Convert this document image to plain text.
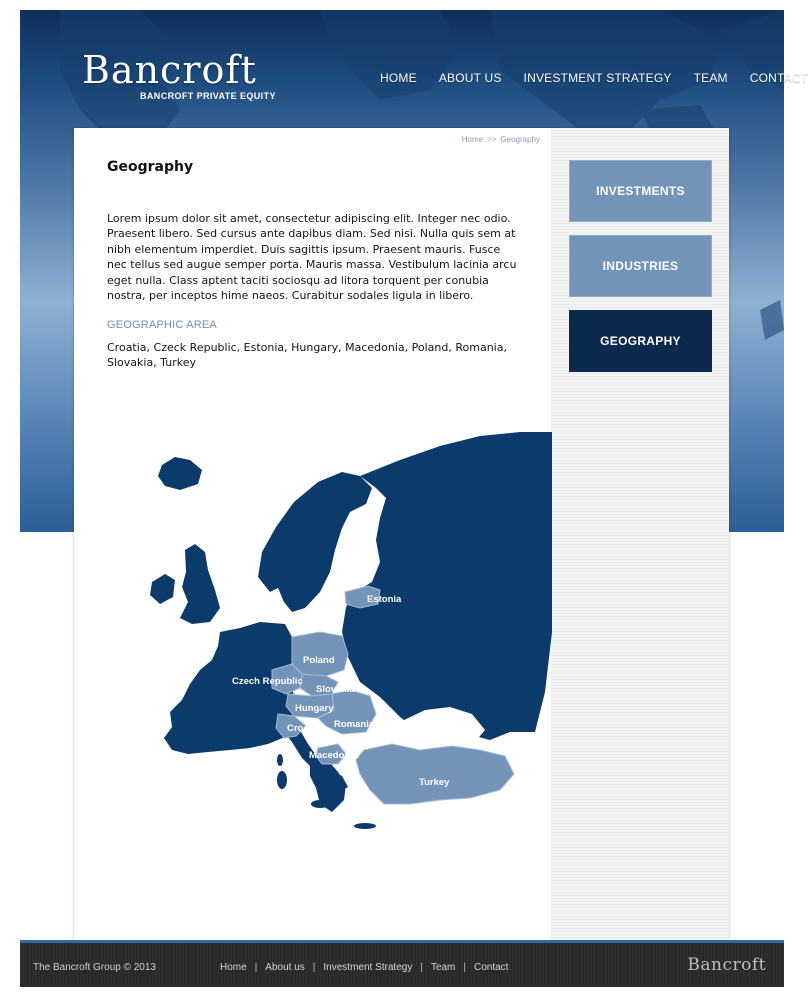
Bancroft
BANCROFT PRIVATE EQUITY
HOME ABOUT US INVESTMENT STRATEGY TEAM CONTACT
Home >> Geography
Geography
Lorem ipsum dolor sit amet, consectetur adipiscing elit. Integer nec odio. Praesent libero. Sed cursus ante dapibus diam. Sed nisi. Nulla quis sem at nibh elementum imperdiet. Duis sagittis ipsum. Praesent mauris. Fusce nec tellus sed augue semper porta. Mauris massa. Vestibulum lacinia arcu eget nulla. Class aptent taciti sociosqu ad litora torquent per conubia nostra, per inceptos hime naeos. Curabitur sodales ligula in libero.
GEOGRAPHIC AREA
Croatia, Czeck Republic, Estonia, Hungary, Macedonia, Poland, Romania, Slovakia, Turkey
INVESTMENTS
INDUSTRIES
GEOGRAPHY
Estonia
Poland
Czech Republic
Slovakia
Hungary
Romania
Croatia
Macedonia
Turkey
The Bancroft Group © 2013	Home | About us | Investment Strategy | Team | Contact	Bancroft
